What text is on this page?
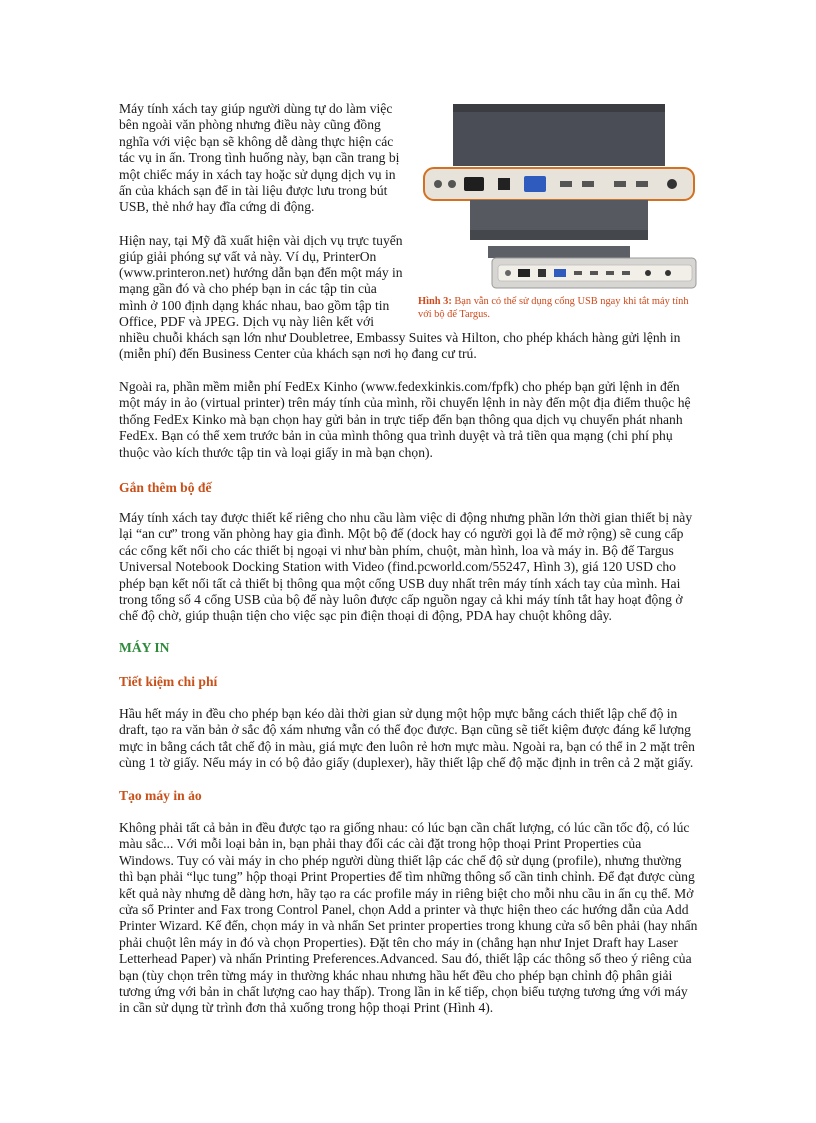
Máy tính xách tay giúp người dùng tự do làm việc bên ngoài văn phòng nhưng điều này cũng đồng nghĩa với việc bạn sẽ không dễ dàng thực hiện các tác vụ in ấn. Trong tình huống này, bạn cần trang bị một chiếc máy in xách tay hoặc sử dụng dịch vụ in ấn của khách sạn để in tài liệu được lưu trong bút USB, thẻ nhớ hay đĩa cứng di động.

Hiện nay, tại Mỹ đã xuất hiện vài dịch vụ trực tuyến
giúp giải phóng sự vất vả này. Ví dụ, PrinterOn
(www.printeron.net) hướng dẫn bạn đến một máy in
mạng gần đó và cho phép bạn in các tập tin của
mình ở 100 định dạng khác nhau, bao gồm tập tin
Office, PDF và JPEG. Dịch vụ này liên kết với
nhiều chuỗi khách sạn lớn như Doubletree, Embassy Suites và Hilton, cho phép khách hàng gửi lệnh in
(miễn phí) đến Business Center của khách sạn nơi họ đang cư trú.
Hình 3: Bạn vẫn có thể sử dụng cổng USB ngay khi tắt máy tính với bộ đế Targus.

Ngoài ra, phần mềm miễn phí FedEx Kinho (www.fedexkinkis.com/fpfk) cho phép bạn gửi lệnh in đến một máy in ảo (virtual printer) trên máy tính của mình, rồi chuyển lệnh in này đến một địa điểm thuộc hệ thống FedEx Kinko mà bạn chọn hay gửi bản in trực tiếp đến bạn thông qua dịch vụ chuyển phát nhanh FedEx. Bạn có thể xem trước bản in của mình thông qua trình duyệt và trả tiền qua mạng (chi phí phụ thuộc vào kích thước tập tin và loại giấy in mà bạn chọn).

Gắn thêm bộ đế

Máy tính xách tay được thiết kế riêng cho nhu cầu làm việc di động nhưng phần lớn thời gian thiết bị này lại “an cư” trong văn phòng hay gia đình. Một bộ đế (dock hay có người gọi là đế mở rộng) sẽ cung cấp các cổng kết nối cho các thiết bị ngoại vi như bàn phím, chuột, màn hình, loa và máy in. Bộ đế Targus Universal Notebook Docking Station with Video (find.pcworld.com/55247, Hình 3), giá 120 USD cho phép bạn kết nối tất cả thiết bị thông qua một cổng USB duy nhất trên máy tính xách tay của mình. Hai trong tổng số 4 cổng USB của bộ đế này luôn được cấp nguồn ngay cả khi máy tính tắt hay hoạt động ở chế độ chờ, giúp thuận tiện cho việc sạc pin điện thoại di động, PDA hay chuột không dây.

MÁY IN
Tiết kiệm chi phí

Hầu hết máy in đều cho phép bạn kéo dài thời gian sử dụng một hộp mực bằng cách thiết lập chế độ in draft, tạo ra văn bản ở sắc độ xám nhưng vẫn có thể đọc được. Bạn cũng sẽ tiết kiệm được đáng kể lượng mực in bằng cách tắt chế độ in màu, giá mực đen luôn rẻ hơn mực màu. Ngoài ra, bạn có thể in 2 mặt trên cùng 1 tờ giấy. Nếu máy in có bộ đảo giấy (duplexer), hãy thiết lập chế độ mặc định in trên cả 2 mặt giấy.

Tạo máy in ảo

Không phải tất cả bản in đều được tạo ra giống nhau: có lúc bạn cần chất lượng, có lúc cần tốc độ, có lúc màu sắc... Với mỗi loại bản in, bạn phải thay đổi các cài đặt trong hộp thoại Print Properties của Windows. Tuy có vài máy in cho phép người dùng thiết lập các chế độ sử dụng (profile), nhưng thường thì bạn phải “lục tung” hộp thoại Print Properties để tìm những thông số cần tinh chỉnh. Để đạt được cùng kết quả này nhưng dễ dàng hơn, hãy tạo ra các profile máy in riêng biệt cho mỗi nhu cầu in ấn cụ thể. Mở cửa sổ Printer and Fax trong Control Panel, chọn Add a printer và thực hiện theo các hướng dẫn của Add Printer Wizard. Kế đến, chọn máy in và nhấn Set printer properties trong khung cửa sổ bên phải (hay nhấn phải chuột lên máy in đó và chọn Properties). Đặt tên cho máy in (chẳng hạn như Injet Draft hay Laser Letterhead Paper) và nhấn Printing Preferences.Advanced. Sau đó, thiết lập các thông số theo ý riêng của bạn (tùy chọn trên từng máy in thường khác nhau nhưng hầu hết đều cho phép bạn chỉnh độ phân giải tương ứng với bản in chất lượng cao hay thấp). Trong lần in kế tiếp, chọn biểu tượng tương ứng với máy in cần sử dụng từ trình đơn thả xuống trong hộp thoại Print (Hình 4).
